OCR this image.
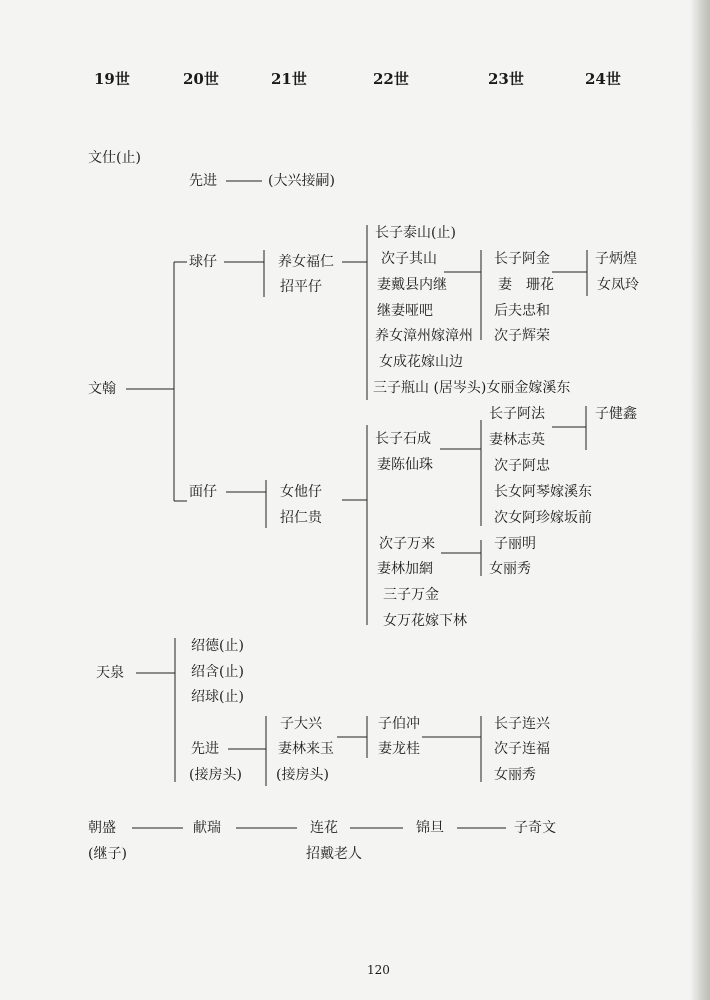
19世	20世	21世	22世	23世	24世
文仕(止)
文翰
天泉
朝盛
(继子)
先进	(大兴接嗣)
球仔
面仔
绍德(止)
绍含(止)
绍球(止)
先进
(接房头)
献瑞
养女福仁
招平仔
女他仔
招仁贵
子大兴
妻林来玉
(接房头)
连花
招戴老人
长子泰山(止)
次子其山
妻戴县内继
继妻哑吧
养女漳州嫁漳州
女成花嫁山边
三子瓶山 (居岑头)女丽金嫁溪东
长子石成
妻陈仙珠
次子万来
妻林加網
三子万金
女万花嫁下林
子伯冲
妻龙桂
锦旦
长子阿金
妻　珊花
后夫忠和
次子辉荣
长子阿法
妻林志英
次子阿忠
长女阿琴嫁溪东
次女阿珍嫁坂前
子丽明
女丽秀
长子连兴
次子连福
女丽秀
子奇文
子炳煌
女凤玲
子健鑫
120
